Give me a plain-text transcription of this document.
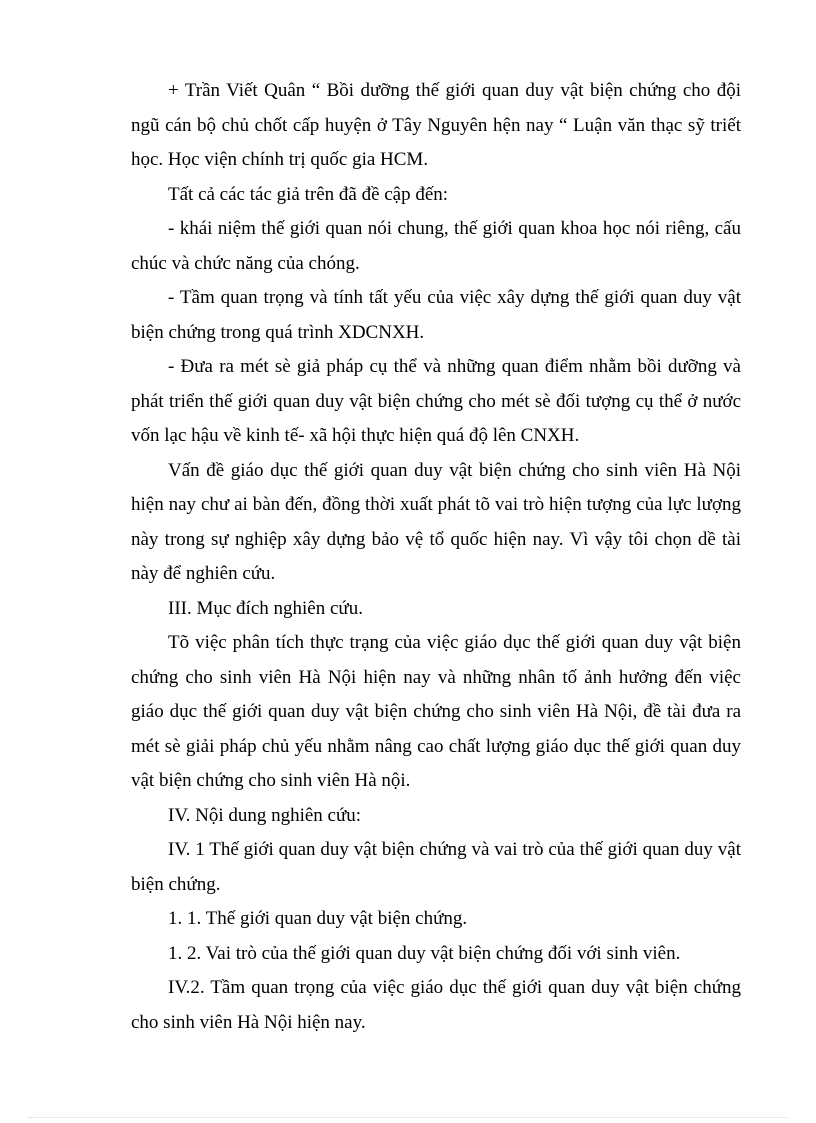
+ Trần Viết Quân “ Bồi dưỡng thế giới quan duy vật biện chứng cho đội ngũ cán bộ chủ chốt cấp huyện ở Tây Nguyên hện nay “ Luận văn thạc sỹ triết học. Học viện chính trị quốc gia HCM.

Tất cả các tác giả trên đã đề cập đến:

- khái niệm thế giới quan nói chung, thế giới quan khoa học nói riêng, cấu chúc và chức năng của chóng.

- Tầm quan trọng và tính tất yếu của việc xây dựng thế giới quan duy vật biện chứng trong quá trình XDCNXH.

- Đưa ra mét sè giả pháp cụ thể và những quan điểm nhằm bồi dưỡng và phát triển thế giới quan duy vật biện chứng cho mét sè đối tượng cụ thể ở nước vốn lạc hậu về kinh tế- xã hội thực hiện quá độ lên CNXH.

Vấn đề giáo dục thế giới quan duy vật biện chứng cho sinh viên Hà Nội hiện nay chư ai bàn đến, đồng thời xuất phát tõ vai trò hiện tượng của lực lượng này trong sự nghiệp xây dựng bảo vệ tổ quốc hiện nay. Vì vậy tôi chọn dề tài này để nghiên cứu.

III. Mục đích nghiên cứu.

Tõ việc phân tích thực trạng của việc giáo dục thế giới quan duy vật biện chứng cho sinh viên Hà Nội hiện nay và những nhân tố ảnh hưởng đến việc giáo dục thế giới quan duy vật biện chứng cho sinh viên Hà Nội, đề tài đưa ra mét sè giải pháp chủ yếu nhằm nâng cao chất lượng giáo dục thế giới quan duy vật biện chứng cho sinh viên Hà nội.

IV. Nội dung nghiên cứu:

IV. 1 Thế giới quan duy vật biện chứng và vai trò của thế giới quan duy vật biện chứng.

1. 1. Thế giới quan duy vật biện chứng.

1. 2. Vai trò của thế giới quan duy vật biện chứng đối với sinh viên.

IV.2. Tầm quan trọng của việc giáo dục thế giới quan duy vật biện chứng cho sinh viên Hà Nội hiện nay.
